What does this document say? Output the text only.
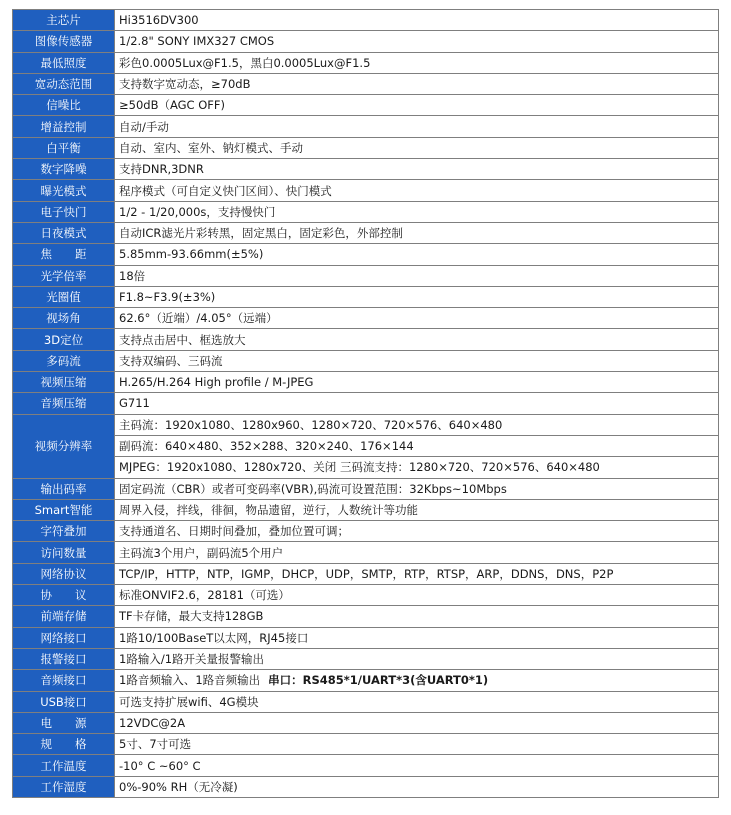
主芯片	Hi3516DV300
图像传感器	1/2.8" SONY IMX327 CMOS
最低照度	彩色0.0005Lux@F1.5，黑白0.0005Lux@F1.5
宽动态范围	支持数字宽动态，≥70dB
信噪比	≥50dB（AGC OFF)
增益控制	自动/手动
白平衡	自动、室内、室外、钠灯模式、手动
数字降噪	支持DNR,3DNR
曝光模式	程序模式（可自定义快门区间）、快门模式
电子快门	1/2 - 1/20,000s，支持慢快门
日夜模式	自动ICR滤光片彩转黑，固定黑白，固定彩色，外部控制
焦　　距	5.85mm-93.66mm(±5%)
光学倍率	18倍
光圈值	F1.8~F3.9(±3%)
视场角	62.6°（近端）/4.05°（远端）
3D定位	支持点击居中、框选放大
多码流	支持双编码、三码流
视频压缩	H.265/H.264 High profile / M-JPEG
音频压缩	G711
视频分辨率	主码流：1920x1080、1280x960、1280×720、720×576、640×480
	副码流：640×480、352×288、320×240、176×144
	MJPEG：1920x1080、1280x720、关闭 三码流支持：1280×720、720×576、640×480
输出码率	固定码流（CBR）或者可变码率(VBR),码流可设置范围：32Kbps~10Mbps
Smart智能	周界入侵，拌线，徘徊，物品遗留，逆行，人数统计等功能
字符叠加	支持通道名、日期时间叠加，叠加位置可调；
访问数量	主码流3个用户，副码流5个用户
网络协议	TCP/IP，HTTP，NTP，IGMP，DHCP，UDP，SMTP，RTP，RTSP，ARP，DDNS，DNS，P2P
协　　议	标准ONVIF2.6，28181（可选）
前端存储	TF卡存储，最大支持128GB
网络接口	1路10/100BaseT以太网，RJ45接口
报警接口	1路输入/1路开关量报警输出
音频接口	1路音频输入、1路音频输出 串口：RS485*1/UART*3(含UART0*1)
USB接口	可选支持扩展wifi、4G模块
电　　源	12VDC@2A
规　　格	5寸、7寸可选
工作温度	-10° C ~60° C
工作湿度	0%-90% RH（无冷凝)
